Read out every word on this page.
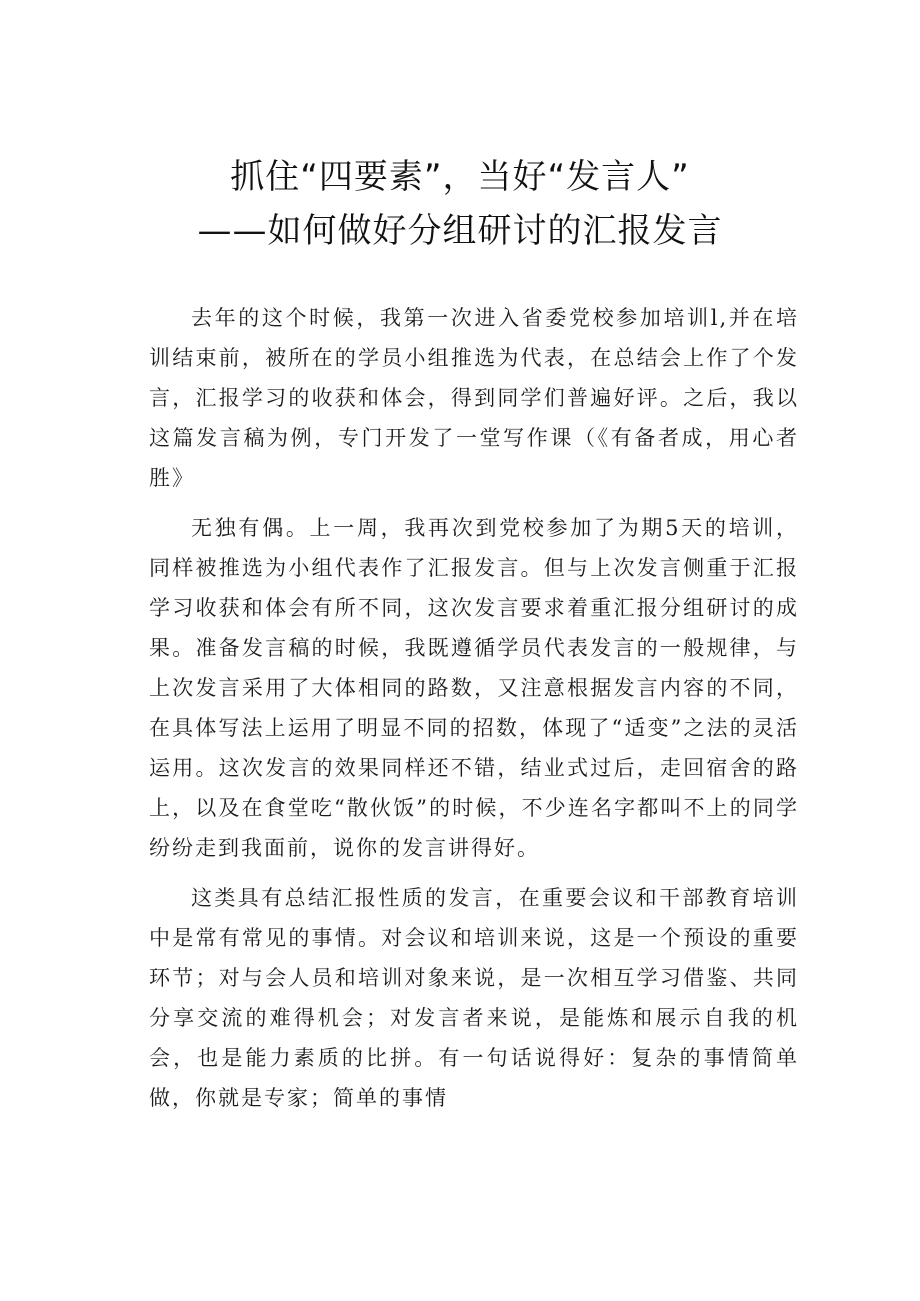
抓住“四要素”，当好“发言人”
——如何做好分组研讨的汇报发言

去年的这个时候，我第一次进入省委党校参加培训l,并在培训结束前，被所在的学员小组推选为代表，在总结会上作了个发言，汇报学习的收获和体会，得到同学们普遍好评。之后，我以这篇发言稿为例，专门开发了一堂写作课（《有备者成，用心者胜》

无独有偶。上一周，我再次到党校参加了为期5天的培训，同样被推选为小组代表作了汇报发言。但与上次发言侧重于汇报学习收获和体会有所不同，这次发言要求着重汇报分组研讨的成果。准备发言稿的时候，我既遵循学员代表发言的一般规律，与上次发言采用了大体相同的路数，又注意根据发言内容的不同，在具体写法上运用了明显不同的招数，体现了“适变”之法的灵活运用。这次发言的效果同样还不错，结业式过后，走回宿舍的路上，以及在食堂吃“散伙饭”的时候，不少连名字都叫不上的同学纷纷走到我面前，说你的发言讲得好。

这类具有总结汇报性质的发言，在重要会议和干部教育培训中是常有常见的事情。对会议和培训来说，这是一个预设的重要环节；对与会人员和培训对象来说，是一次相互学习借鉴、共同分享交流的难得机会；对发言者来说，是能炼和展示自我的机会，也是能力素质的比拼。有一句话说得好：复杂的事情简单做，你就是专家；简单的事情
